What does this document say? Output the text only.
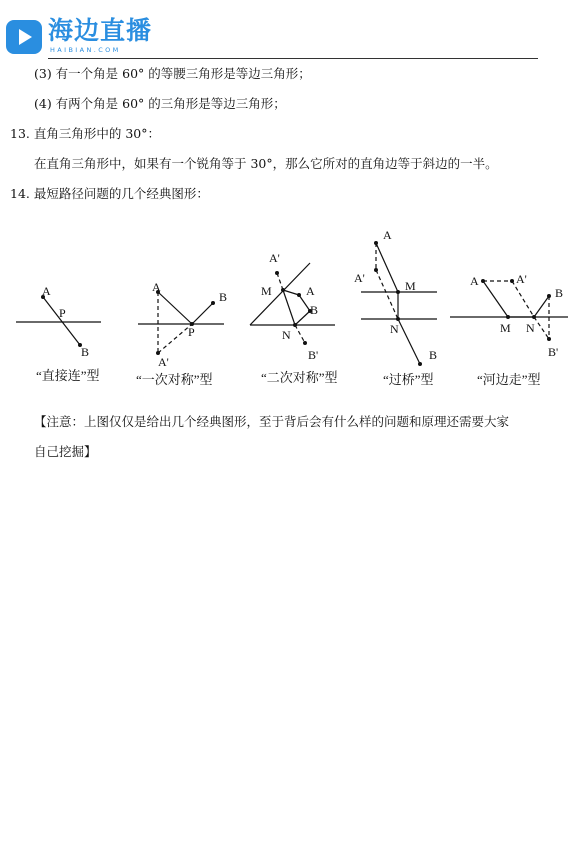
海边直播
HAIBIAN.COM
(3) 有一个角是 60° 的等腰三角形是等边三角形；
(4) 有两个角是 60° 的三角形是等边三角形；
13. 直角三角形中的 30°：
在直角三角形中，如果有一个锐角等于 30°，那么它所对的直角边等于斜边的一半。
14. 最短路径问题的几个经典图形：
A
P
B
A
B
P
A'
A'
M	A
B
N
B'
A
A'
M
N
B
A	A'
B
M N
B'
“直接连”型	“一次对称”型	“二次对称”型	“过桥”型	“河边走”型
【注意：上图仅仅是给出几个经典图形，至于背后会有什么样的问题和原理还需要大家
自己挖掘】
